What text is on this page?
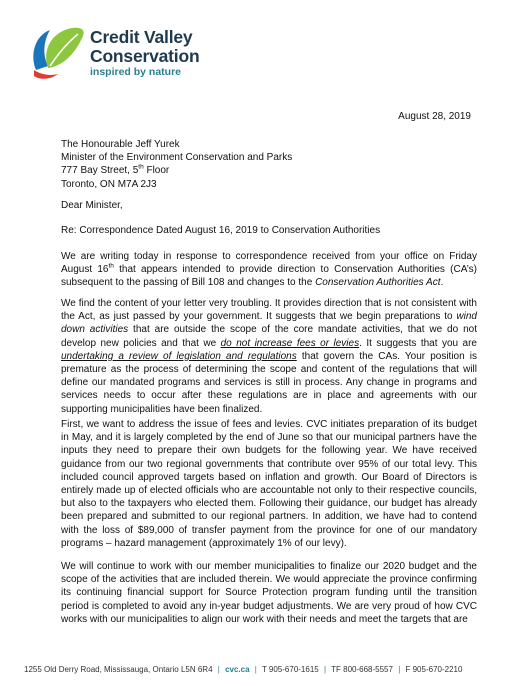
Credit Valley
Conservation
inspired by nature
August 28, 2019
The Honourable Jeff Yurek
Minister of the Environment Conservation and Parks
777 Bay Street, 5th Floor
Toronto, ON M7A 2J3
Dear Minister,
Re: Correspondence Dated August 16, 2019 to Conservation Authorities

We are writing today in response to correspondence received from your office on Friday August 16th that appears intended to provide direction to Conservation Authorities (CA’s) subsequent to the passing of Bill 108 and changes to the Conservation Authorities Act.

We find the content of your letter very troubling. It provides direction that is not consistent with the Act, as just passed by your government. It suggests that we begin preparations to wind down activities that are outside the scope of the core mandate activities, that we do not develop new policies and that we do not increase fees or levies. It suggests that you are undertaking a review of legislation and regulations that govern the CAs. Your position is premature as the process of determining the scope and content of the regulations that will define our mandated programs and services is still in process. Any change in programs and services needs to occur after these regulations are in place and agreements with our supporting municipalities have been finalized.

First, we want to address the issue of fees and levies. CVC initiates preparation of its budget in May, and it is largely completed by the end of June so that our municipal partners have the inputs they need to prepare their own budgets for the following year. We have received guidance from our two regional governments that contribute over 95% of our total levy. This included council approved targets based on inflation and growth. Our Board of Directors is entirely made up of elected officials who are accountable not only to their respective councils, but also to the taxpayers who elected them. Following their guidance, our budget has already been prepared and submitted to our regional partners. In addition, we have had to contend with the loss of $89,000 of transfer payment from the province for one of our mandatory programs – hazard management (approximately 1% of our levy).

We will continue to work with our member municipalities to finalize our 2020 budget and the scope of the activities that are included therein. We would appreciate the province confirming its continuing financial support for Source Protection program funding until the transition period is completed to avoid any in-year budget adjustments. We are very proud of how CVC works with our municipalities to align our work with their needs and meet the targets that are

1255 Old Derry Road, Mississauga, Ontario L5N 6R4 | cvc.ca | T 905-670-1615 | TF 800-668-5557 | F 905-670-2210
